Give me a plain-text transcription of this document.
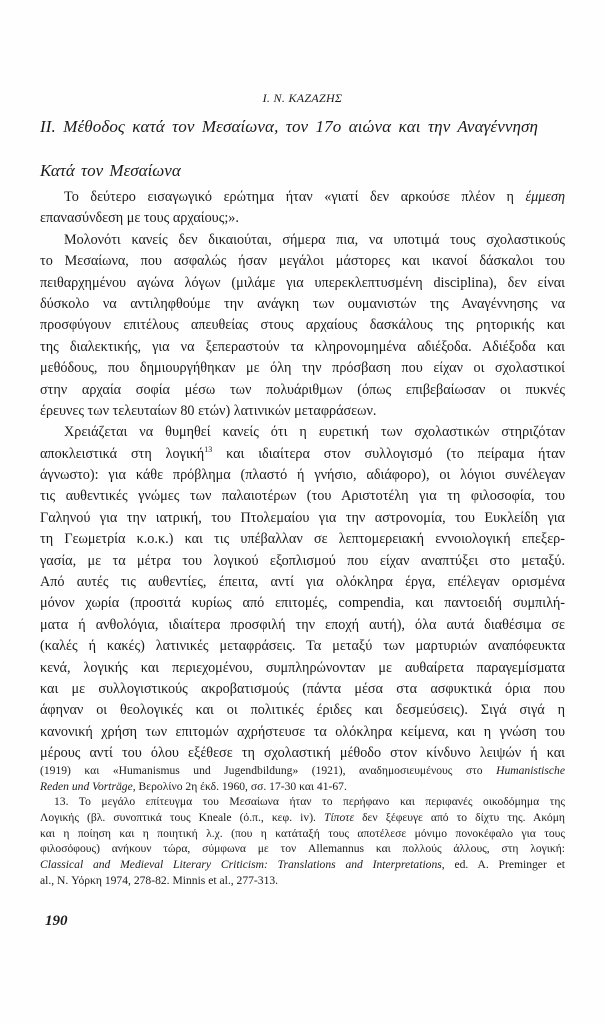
Ι. Ν. ΚΑΖΑΖΗΣ
ΙΙ. Μέθοδος κατά τον Μεσαίωνα, τον 17ο αιώνα και την Αναγέννηση
Κατά τον Μεσαίωνα
Το δεύτερο εισαγωγικό ερώτημα ήταν «γιατί δεν αρκούσε πλέον η έμμεση
επανασύνδεση με τους αρχαίους;».
Μολονότι κανείς δεν δικαιούται, σήμερα πια, να υποτιμά τους σχολαστικούς
το Μεσαίωνα, που ασφαλώς ήσαν μεγάλοι μάστορες και ικανοί δάσκαλοι του
πειθαρχημένου αγώνα λόγων (μιλάμε για υπερεκλεπτυσμένη disciplina), δεν είναι
δύσκολο να αντιληφθούμε την ανάγκη των ουμανιστών της Αναγέννησης να
προσφύγουν επιτέλους απευθείας στους αρχαίους δασκάλους της ρητορικής και
της διαλεκτικής, για να ξεπεραστούν τα κληρονομημένα αδιέξοδα. Αδιέξοδα και
μεθόδους, που δημιουργήθηκαν με όλη την πρόσβαση που είχαν οι σχολαστικοί
στην αρχαία σοφία μέσω των πολυάριθμων (όπως επιβεβαίωσαν οι πυκνές
έρευνες των τελευταίων 80 ετών) λατινικών μεταφράσεων.
Χρειάζεται να θυμηθεί κανείς ότι η ευρετική των σχολαστικών στηριζόταν
αποκλειστικά στη λογική$^{13}$ και ιδιαίτερα στον συλλογισμό (το πείραμα ήταν
άγνωστο): για κάθε πρόβλημα (πλαστό ή γνήσιο, αδιάφορο), οι λόγιοι συνέλεγαν
τις αυθεντικές γνώμες των παλαιοτέρων (του Αριστοτέλη για τη φιλοσοφία, του
Γαληνού για την ιατρική, του Πτολεμαίου για την αστρονομία, του Ευκλείδη για
τη Γεωμετρία κ.ο.κ.) και τις υπέβαλλαν σε λεπτομερειακή εννοιολογική επεξερ-
γασία, με τα μέτρα του λογικού εξοπλισμού που είχαν αναπτύξει στο μεταξύ.
Από αυτές τις αυθεντίες, έπειτα, αντί για ολόκληρα έργα, επέλεγαν ορισμένα
μόνον χωρία (προσιτά κυρίως από επιτομές, compendia, και παντοειδή συμπιλή-
ματα ή ανθολόγια, ιδιαίτερα προσφιλή την εποχή αυτή), όλα αυτά διαθέσιμα σε
(καλές ή κακές) λατινικές μεταφράσεις. Τα μεταξύ των μαρτυριών αναπόφευκτα
κενά, λογικής και περιεχομένου, συμπληρώνονταν με αυθαίρετα παραγεμίσματα
και με συλλογιστικούς ακροβατισμούς (πάντα μέσα στα ασφυκτικά όρια που
άφηναν οι θεολογικές και οι πολιτικές έριδες και δεσμεύσεις). Σιγά σιγά η
κανονική χρήση των επιτομών αχρήστευσε τα ολόκληρα κείμενα, και η γνώση του
μέρους αντί του όλου εξέθεσε τη σχολαστική μέθοδο στον κίνδυνο λειψών ή και
(1919) και «Humanismus und Jugendbildung» (1921), αναδημοσιευμένους στο Humanistische
Reden und Vorträge, Βερολίνο 2η έκδ. 1960, σσ. 17-30 και 41-67.
13. Το μεγάλο επίτευγμα του Μεσαίωνα ήταν το περήφανο και περιφανές οικοδόμημα της
Λογικής (βλ. συνοπτικά τους Kneale (ό.π., κεφ. iv). Τίποτε δεν ξέφευγε από το δίχτυ της. Ακόμη
και η ποίηση και η ποιητική λ.χ. (που η κατάταξή τους αποτέλεσε μόνιμο πονοκέφαλο για τους
φιλοσόφους) ανήκουν τώρα, σύμφωνα με τον Allemannus και πολλούς άλλους, στη λογική:
Classical and Medieval Literary Criticism: Translations and Interpretations, ed. A. Preminger et
al., N. Υόρκη 1974, 278-82. Minnis et al., 277-313.
190
